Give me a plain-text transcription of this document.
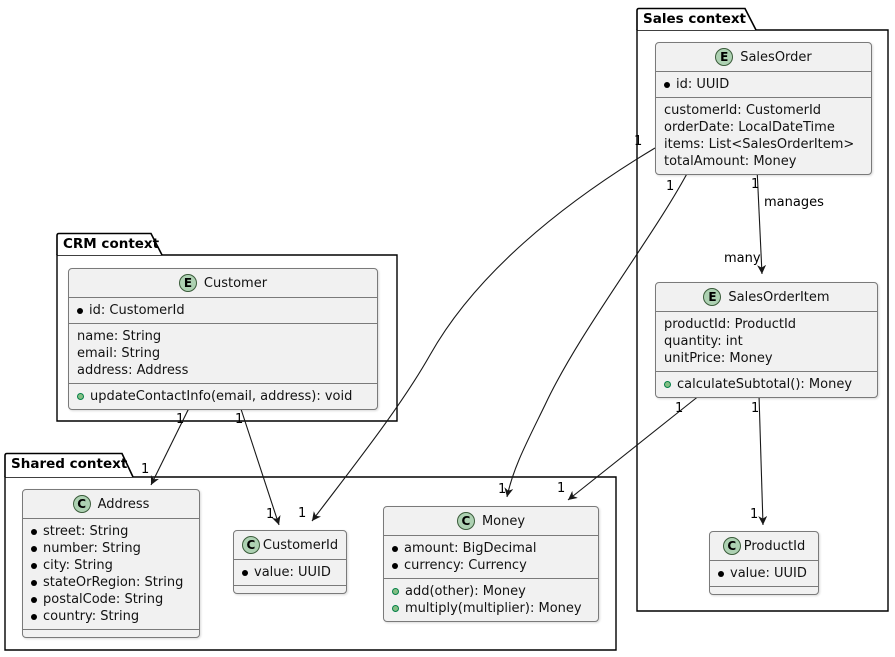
Sales context
CRM context
Shared context
E SalesOrder
id: UUID
customerId: CustomerId
orderDate: LocalDateTime
items: List<SalesOrderItem>
totalAmount: Money
E SalesOrderItem
productId: ProductId
quantity: int
unitPrice: Money
calculateSubtotal(): Money
C ProductId
value: UUID
E Customer
id: CustomerId
name: String
email: String
address: Address
updateContactInfo(email, address): void
C Address
street: String
number: String
city: String
stateOrRegion: String
postalCode: String
country: String
C CustomerId
value: UUID
C Money
amount: BigDecimal
currency: Currency
add(other): Money
multiply(multiplier): Money
1
1
1
1
1
manages
many
1
1
1
1
1
1
1
1
